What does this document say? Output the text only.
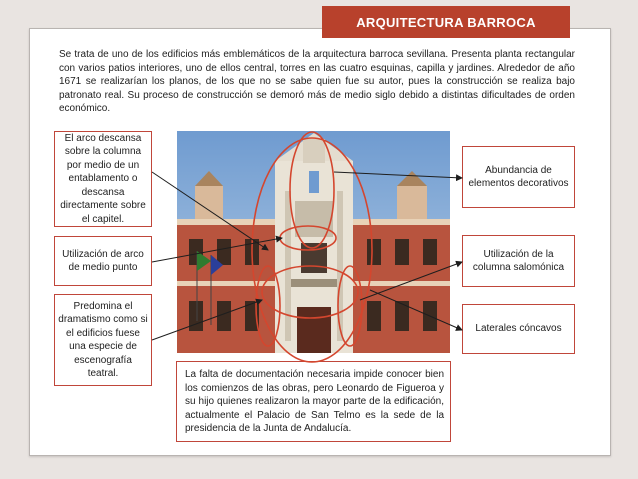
ARQUITECTURA BARROCA
Se trata de uno de los edificios más emblemáticos de la arquitectura barroca sevillana. Presenta planta rectangular con varios patios interiores, uno de ellos central, torres en las cuatro esquinas, capilla y jardines. Alrededor de año 1671 se realizarían los planos, de los que no se sabe quien fue su autor, pues la construcción se realiza bajo patronato real. Su proceso de construcción se demoró más de medio siglo debido a distintas dificultades de orden económico.
El arco descansa sobre la columna por medio de un entablamento o descansa directamente sobre el capitel.
Utilización de arco de medio punto
Predomina el dramatismo como si el edificios fuese una especie de escenografía teatral.
Abundancia de elementos decorativos
Utilización de la columna salomónica
Laterales cóncavos
La falta de documentación necesaria impide conocer bien los comienzos de las obras, pero Leonardo de Figueroa y su hijo quienes realizaron la mayor parte de la edificación, actualmente el Palacio de San Telmo es la sede de la presidencia de la Junta de Andalucía.
